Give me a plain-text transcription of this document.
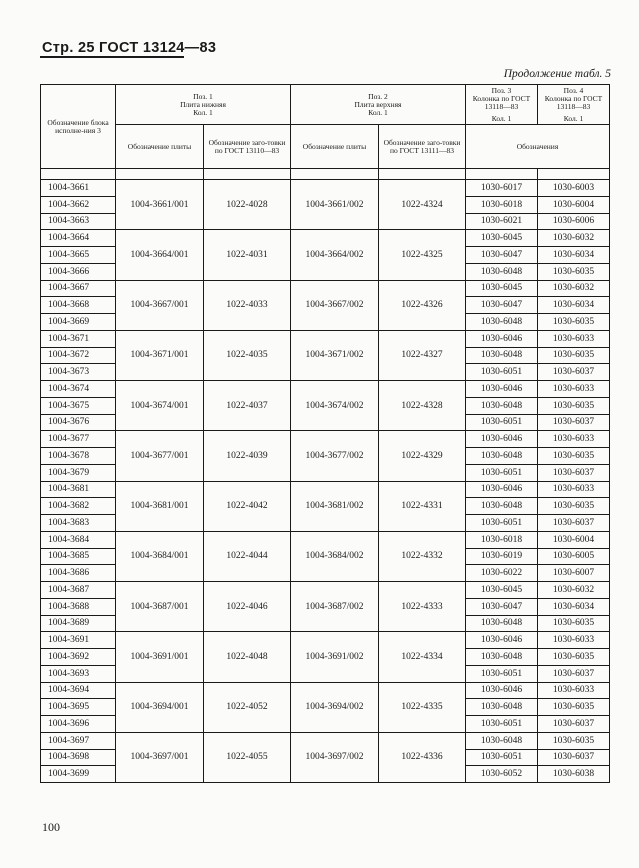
Стр. 25 ГОСТ 13124—83
Продолжение табл. 5
Обозначение блока исполне-ния 3	Поз. 1
Плита нижняя
Кол. 1		Поз. 2
Плита верхняя
Кол. 1		Поз. 3
Колонка по ГОСТ 13118—83
Кол. 1	Поз. 4
Колонка по ГОСТ 13118—83
Кол. 1

	Обозначение плиты	Обозначение заго-товки по ГОСТ 13110—83	Обозначение плиты	Обозначение заго-товки по ГОСТ 13111—83	Обозначения	

1004-3661	1004-3661/001	1022-4028	1004-3661/002	1022-4324	1030-6017	1030-6003
1004-3662					1030-6018	1030-6004
1004-3663					1030-6021	1030-6006
1004-3664	1004-3664/001	1022-4031	1004-3664/002	1022-4325	1030-6045	1030-6032
1004-3665					1030-6047	1030-6034
1004-3666					1030-6048	1030-6035
1004-3667	1004-3667/001	1022-4033	1004-3667/002	1022-4326	1030-6045	1030-6032
1004-3668					1030-6047	1030-6034
1004-3669					1030-6048	1030-6035
1004-3671	1004-3671/001	1022-4035	1004-3671/002	1022-4327	1030-6046	1030-6033
1004-3672					1030-6048	1030-6035
1004-3673					1030-6051	1030-6037
1004-3674	1004-3674/001	1022-4037	1004-3674/002	1022-4328	1030-6046	1030-6033
1004-3675					1030-6048	1030-6035
1004-3676					1030-6051	1030-6037
1004-3677	1004-3677/001	1022-4039	1004-3677/002	1022-4329	1030-6046	1030-6033
1004-3678					1030-6048	1030-6035
1004-3679					1030-6051	1030-6037
1004-3681	1004-3681/001	1022-4042	1004-3681/002	1022-4331	1030-6046	1030-6033
1004-3682					1030-6048	1030-6035
1004-3683					1030-6051	1030-6037
1004-3684	1004-3684/001	1022-4044	1004-3684/002	1022-4332	1030-6018	1030-6004
1004-3685					1030-6019	1030-6005
1004-3686					1030-6022	1030-6007
1004-3687	1004-3687/001	1022-4046	1004-3687/002	1022-4333	1030-6045	1030-6032
1004-3688					1030-6047	1030-6034
1004-3689					1030-6048	1030-6035
1004-3691	1004-3691/001	1022-4048	1004-3691/002	1022-4334	1030-6046	1030-6033
1004-3692					1030-6048	1030-6035
1004-3693					1030-6051	1030-6037
1004-3694	1004-3694/001	1022-4052	1004-3694/002	1022-4335	1030-6046	1030-6033
1004-3695					1030-6048	1030-6035
1004-3696					1030-6051	1030-6037
1004-3697	1004-3697/001	1022-4055	1004-3697/002	1022-4336	1030-6048	1030-6035
1004-3698					1030-6051	1030-6037
1004-3699					1030-6052	1030-6038
100
